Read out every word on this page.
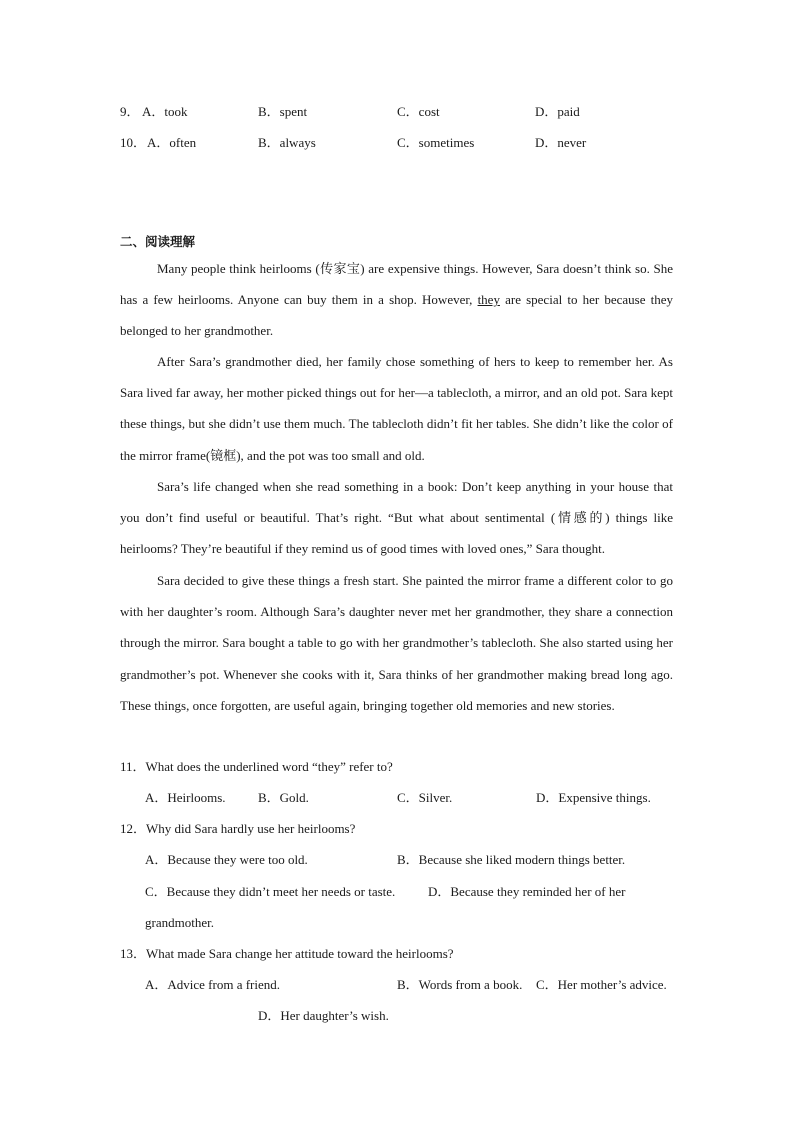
9． A．took	B．spent	C．cost	D．paid
10． A．often	B．always	C．sometimes	D．never
二、阅读理解
Many people think heirlooms (传家宝) are expensive things. However, Sara doesn’t think so. She has a few heirlooms. Anyone can buy them in a shop. However, they are special to her because they belonged to her grandmother.
After Sara’s grandmother died, her family chose something of hers to keep to remember her. As Sara lived far away, her mother picked things out for her—a tablecloth, a mirror, and an old pot. Sara kept these things, but she didn’t use them much. The tablecloth didn’t fit her tables. She didn’t like the color of the mirror frame(镜框), and the pot was too small and old.
Sara’s life changed when she read something in a book: Don’t keep anything in your house that you don’t find useful or beautiful. That’s right. “But what about sentimental (情感的) things like heirlooms? They’re beautiful if they remind us of good times with loved ones,” Sara thought.
Sara decided to give these things a fresh start. She painted the mirror frame a different color to go with her daughter’s room. Although Sara’s daughter never met her grandmother, they share a connection through the mirror. Sara bought a table to go with her grandmother’s tablecloth. She also started using her grandmother’s pot. Whenever she cooks with it, Sara thinks of her grandmother making bread long ago. These things, once forgotten, are useful again, bringing together old memories and new stories.
11．What does the underlined word “they” refer to?
A．Heirlooms. B．Gold.	C．Silver.	D．Expensive things.
12．Why did Sara hardly use her heirlooms?
A．Because they were too old.	B．Because she liked modern things better.
C．Because they didn’t meet her needs or taste.	D．Because they reminded her of her
grandmother.
13．What made Sara change her attitude toward the heirlooms?
A．Advice from a friend.	B．Words from a book. C．Her mother’s advice.
D．Her daughter’s wish.
